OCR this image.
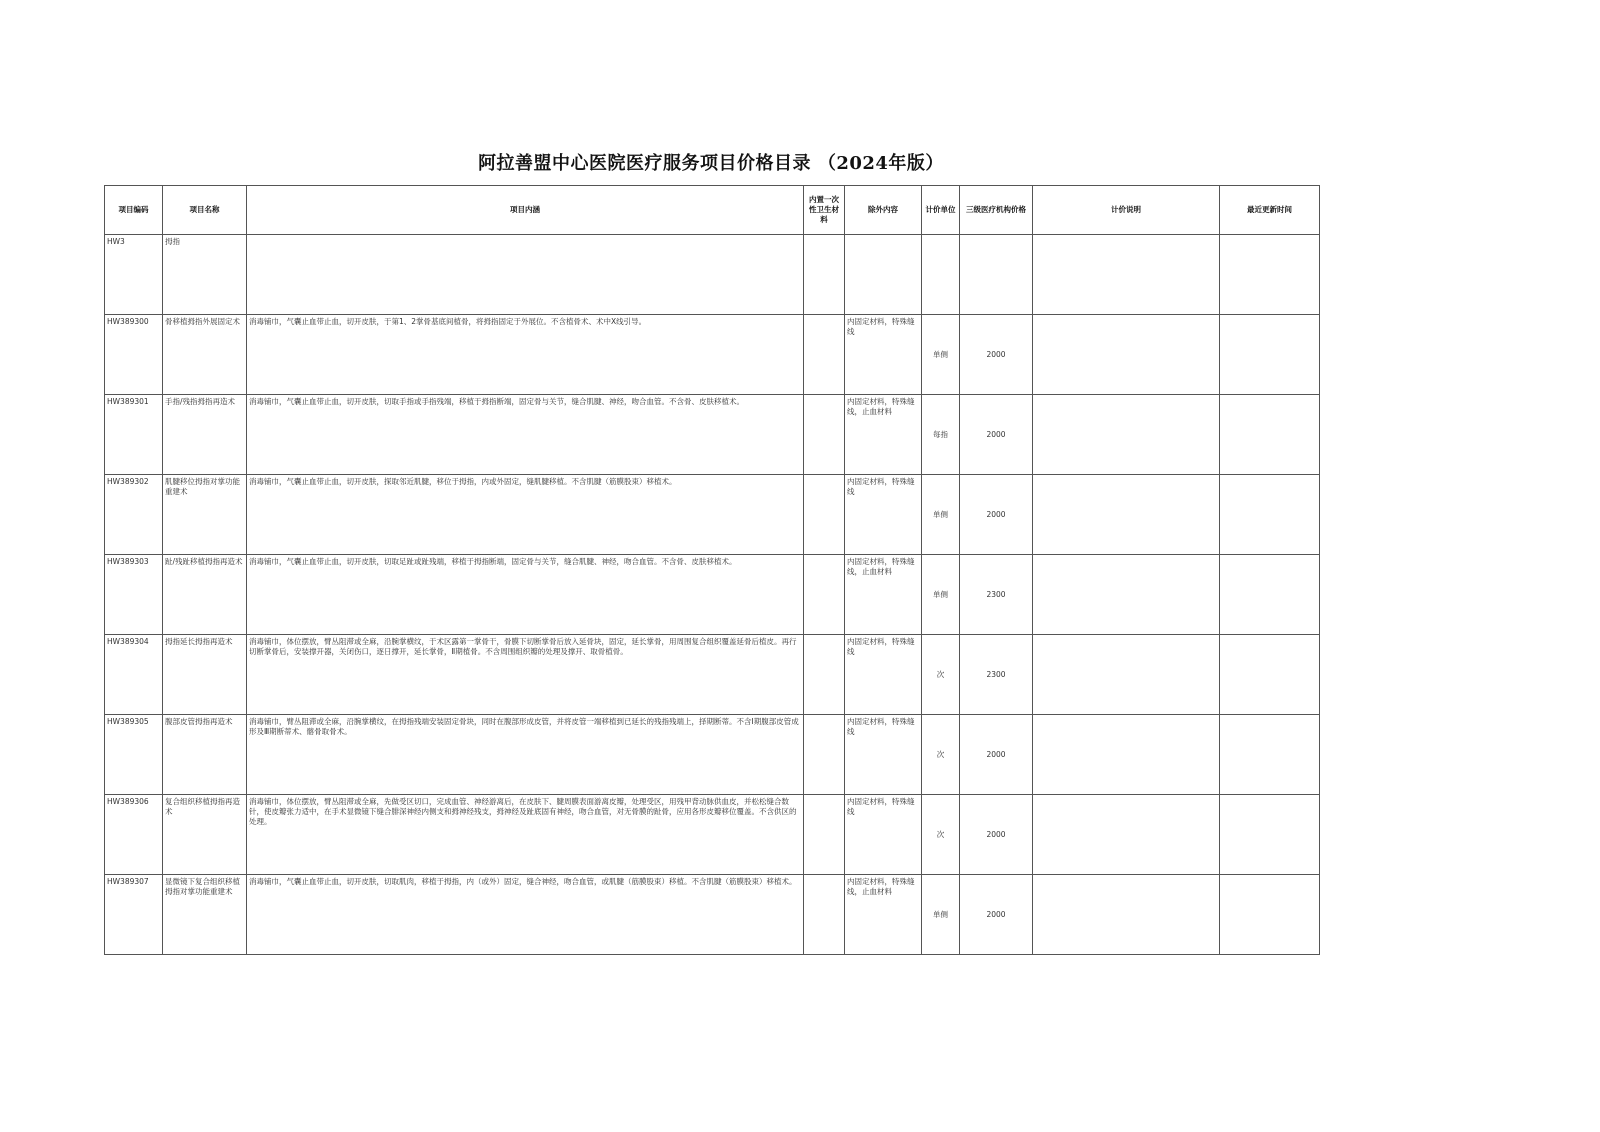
阿拉善盟中心医院医疗服务项目价格目录 （2024年版）
项目编码	项目名称	项目内涵	内置一次性卫生材料	除外内容	计价单位	三级医疗机构价格	计价说明	最近更新时间
HW3	拇指							
HW389300	骨移植拇指外展固定术	消毒铺巾，气囊止血带止血，切开皮肤，于第1、2掌骨基底间植骨，将拇指固定于外展位。不含植骨术、术中X线引导。		内固定材料，特殊缝线	单侧	2000		
HW389301	手指/残指拇指再造术	消毒铺巾，气囊止血带止血，切开皮肤，切取手指或手指残端，移植于拇指断端，固定骨与关节，缝合肌腱、神经，吻合血管。不含骨、皮肤移植术。		内固定材料，特殊缝线，止血材料	每指	2000		
HW389302	肌腱移位拇指对掌功能重建术	消毒铺巾，气囊止血带止血，切开皮肤，探取邻近肌腱，移位于拇指，内或外固定，缝肌腱移植。不含肌腱（筋膜股束）移植术。		内固定材料，特殊缝线	单侧	2000		
HW389303	趾/残趾移植拇指再造术	消毒铺巾，气囊止血带止血，切开皮肤，切取足趾或趾残端，移植于拇指断端，固定骨与关节，缝合肌腱、神经，吻合血管。不含骨、皮肤移植术。		内固定材料，特殊缝线，止血材料	单侧	2300		
HW389304	拇指延长拇指再造术	消毒铺巾，体位摆放，臂丛阻滞或全麻，沿腕掌横纹，于术区露第一掌骨干，骨膜下切断掌骨后放入延骨块，固定，延长掌骨，用周围复合组织覆盖延骨后植皮。再行切断掌骨后，安装撑开器，关闭伤口，逐日撑开，延长掌骨，Ⅱ期植骨。不含周围组织瓣的处理及撑开、取骨植骨。		内固定材料，特殊缝线	次	2300		
HW389305	腹部皮管拇指再造术	消毒铺巾，臂丛阻滞或全麻，沿腕掌横纹，在拇指残端安装固定骨块，同时在腹部形成皮管，并将皮管一端移植到已延长的残指残端上，择期断蒂。不含Ⅰ期腹部皮管成形及Ⅲ期断蒂术、髂骨取骨术。		内固定材料，特殊缝线	次	2000		
HW389306	复合组织移植拇指再造术	消毒铺巾，体位摆放，臂丛阻滞或全麻，先做受区切口，完成血管、神经游离后，在皮肤下、腱周膜表面游离皮瓣，处理受区，用残甲背动脉供血皮，并松松缝合数针，使皮瓣张力适中，在手术显微镜下缝合腓深神经内侧支和拇神经残支，拇神经及趾底固有神经，吻合血管，对无骨膜的趾骨，应用各形皮瓣移位覆盖。不含供区的处理。		内固定材料，特殊缝线	次	2000		
HW389307	显微镜下复合组织移植拇指对掌功能重建术	消毒铺巾，气囊止血带止血，切开皮肤，切取肌肉，移植于拇指，内（或外）固定，缝合神经，吻合血管，或肌腱（筋膜股束）移植。不含肌腱（筋膜股束）移植术。		内固定材料，特殊缝线，止血材料	单侧	2000		
